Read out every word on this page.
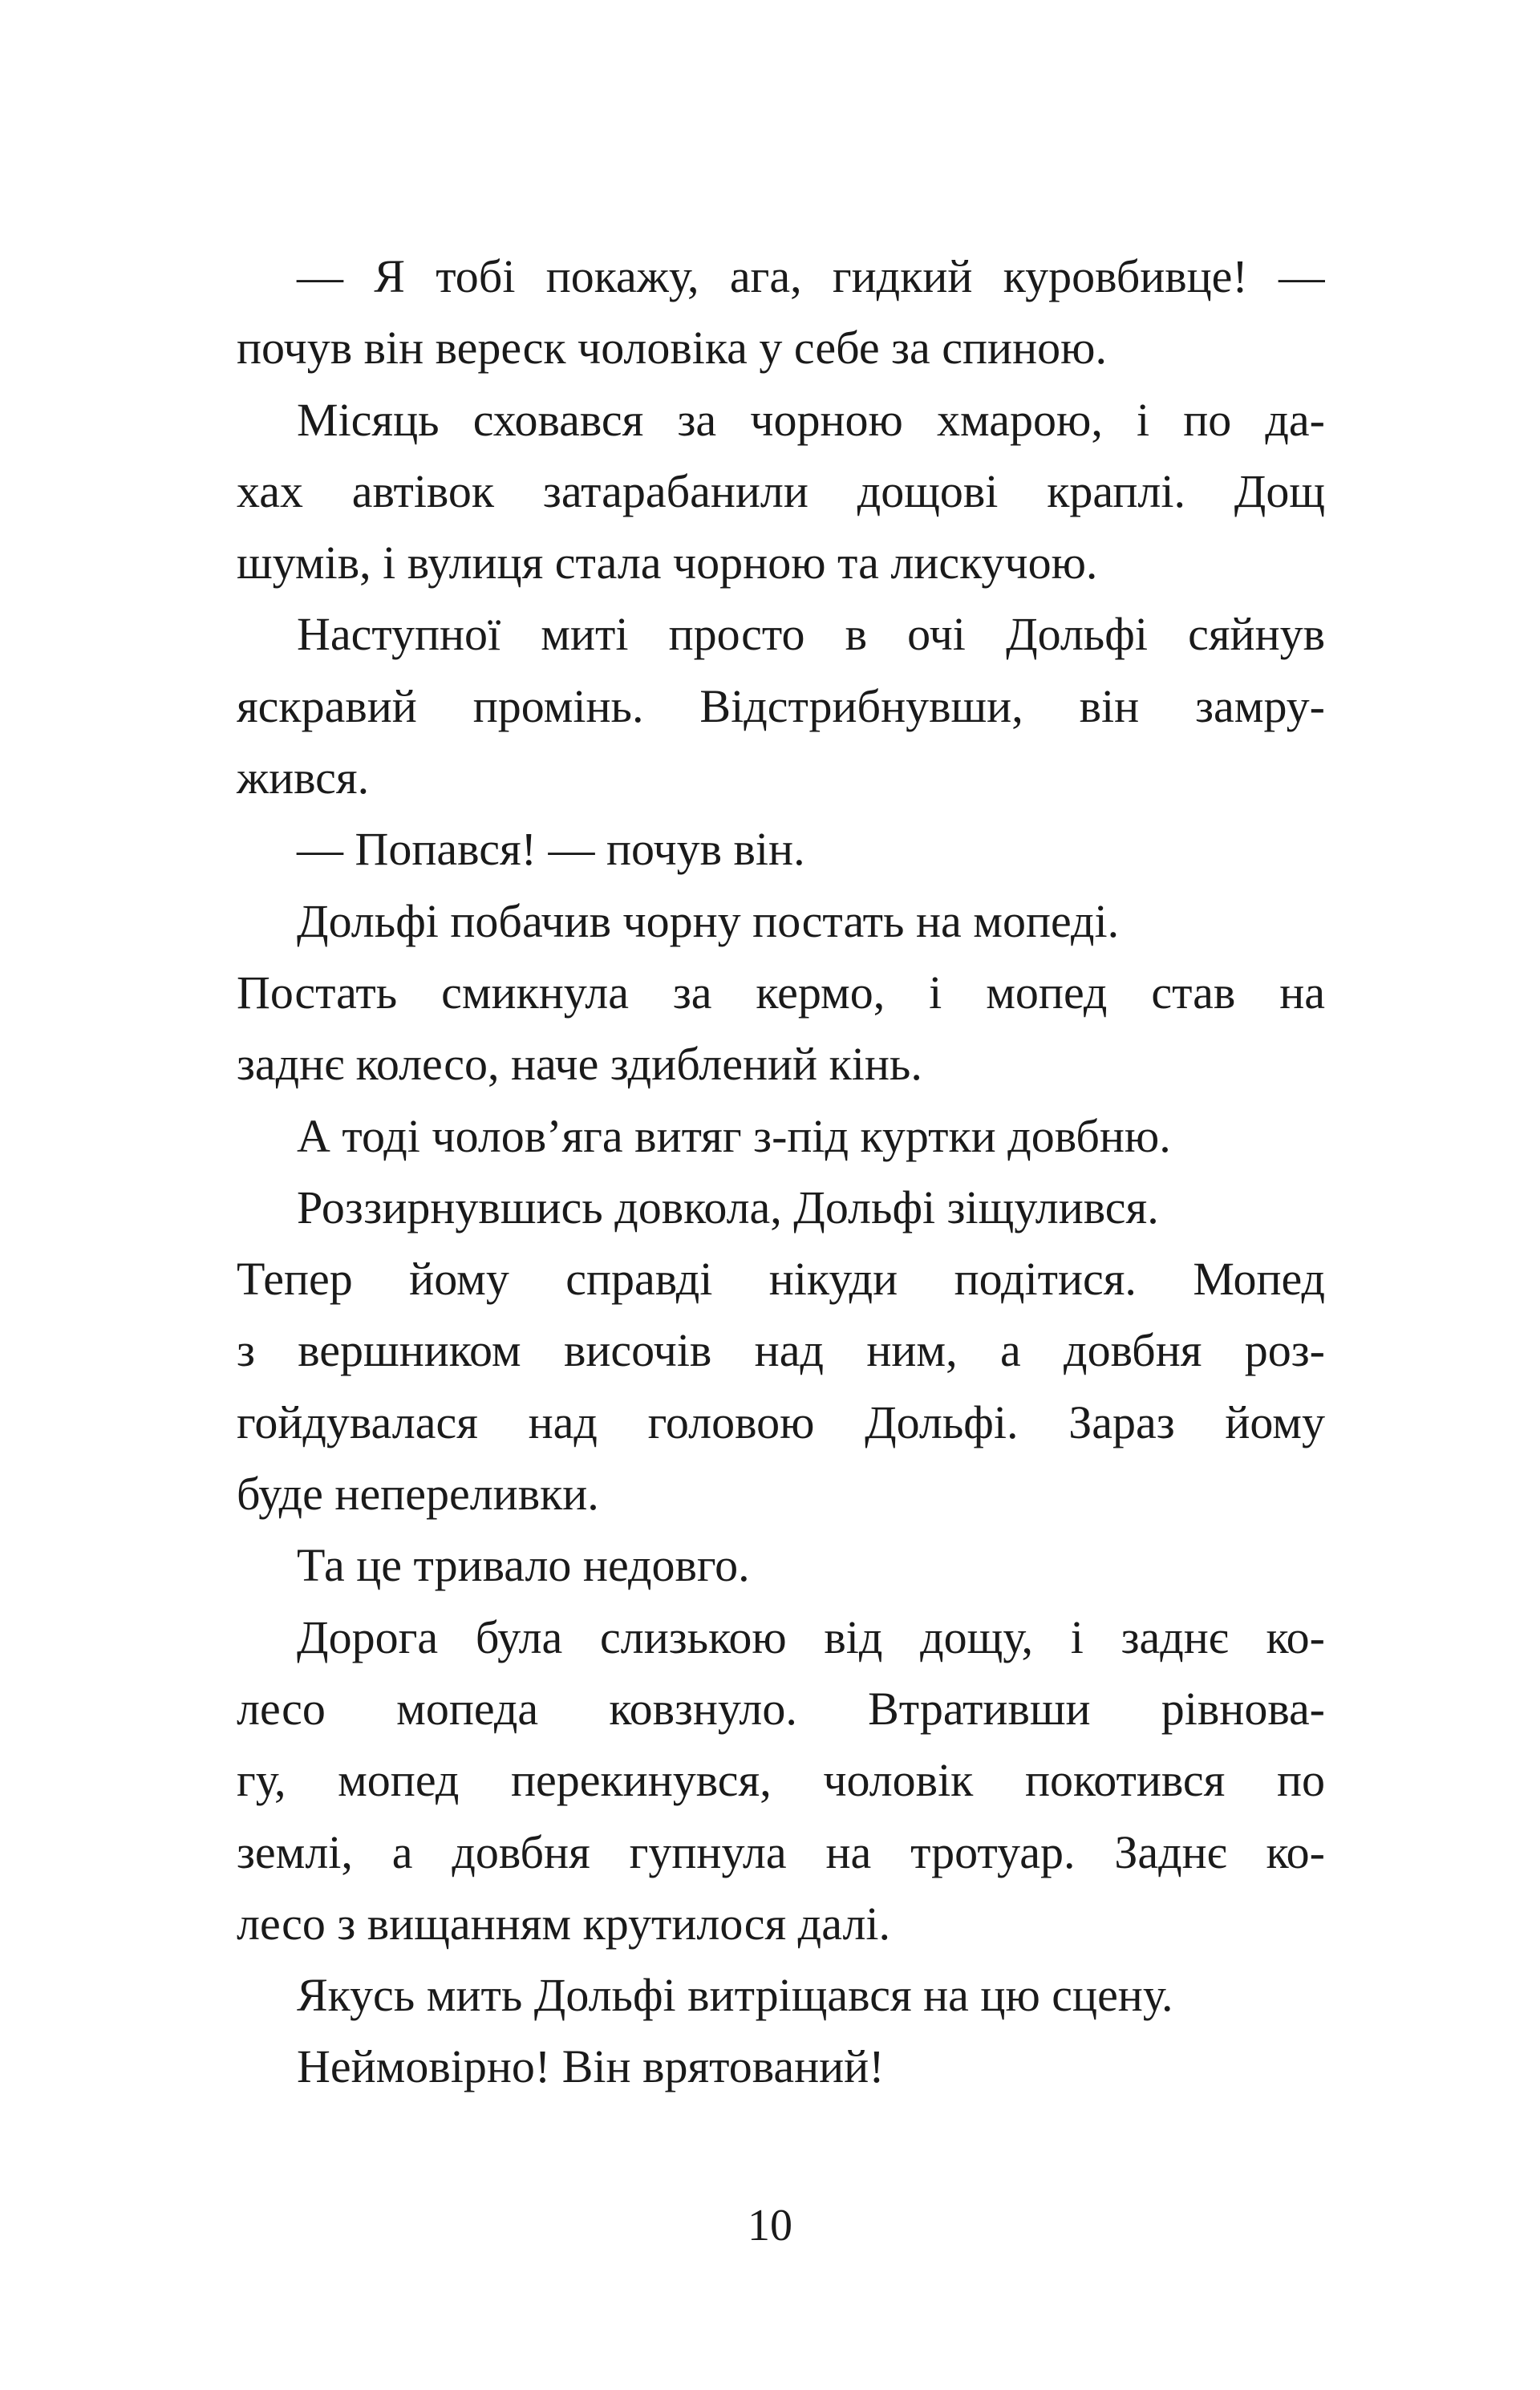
— Я тобі покажу, ага, гидкий куровбивце! —
почув він вереск чоловіка у себе за спиною.
Місяць сховався за чорною хмарою, і по да-
хах автівок затарабанили дощові краплі. Дощ
шумів, і вулиця стала чорною та лискучою.
Наступної миті просто в очі Дольфі сяйнув
яскравий промінь. Відстрибнувши, він замру-
жився.
— Попався! — почув він.
Дольфі побачив чорну постать на мопеді.
Постать смикнула за кермо, і мопед став на
заднє колесо, наче здиблений кінь.
А тоді чолов’яга витяг з-під куртки довбню.
Роззирнувшись довкола, Дольфі зіщулився.
Тепер йому справді нікуди подітися. Мопед
з вершником височів над ним, а довбня роз-
гойдувалася над головою Дольфі. Зараз йому
буде непереливки.
Та це тривало недовго.
Дорога була слизькою від дощу, і заднє ко-
лесо мопеда ковзнуло. Втративши рівнова-
гу, мопед перекинувся, чоловік покотився по
землі, а довбня гупнула на тротуар. Заднє ко-
лесо з вищанням крутилося далі.
Якусь мить Дольфі витріщався на цю сцену.
Неймовірно! Він врятований!
10
